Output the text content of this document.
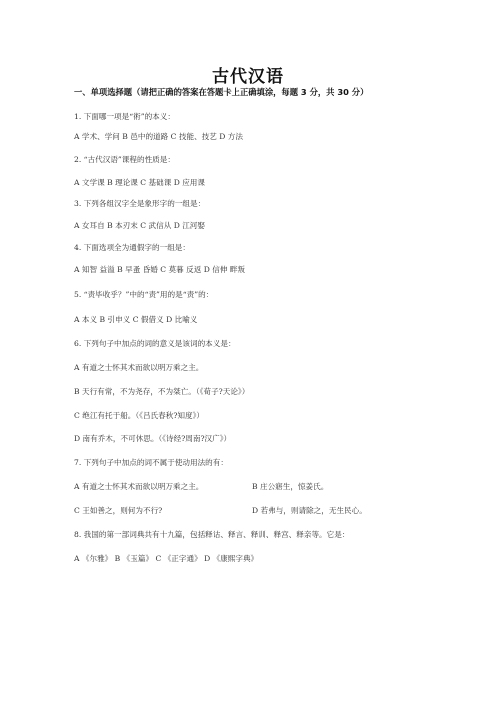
古代汉语
一、单项选择题（请把正确的答案在答题卡上正确填涂，每题 3 分，共 30 分）
1. 下面哪一项是“術”的本义：
A 学术、学问 B 邑中的道路 C 技能、技艺 D 方法
2. “古代汉语”课程的性质是：
A 文学课 B 理论课 C 基础课 D 应用课
3. 下列各组汉字全是象形字的一组是：
A 女耳自 B 本刃末 C 武信从 D 江河娶
4. 下面选项全为通假字的一组是：
A 知智 益溢 B 早蚤 昏婚 C 莫暮 反返 D 信伸 畔叛
5. “责毕收乎？”中的“责”用的是“责”的：
A 本义 B 引申义 C 假借义 D 比喻义
6. 下列句子中加点的词的意义是该词的本义是：
A 有道之士怀其术而欲以明万乘之主。
B 天行有常，不为尧存，不为桀亡。（《荀子?天论》）
C 绝江有托于船。（《吕氏春秋?知度》）
D 南有乔木，不可休思。（《诗经?周南?汉广》）
7. 下列句子中加点的词不属于使动用法的有：
A 有道之士怀其术而欲以明万乘之主。	B 庄公寤生，惊姜氏。
C 王如善之，则何为不行?	D 若弗与，则请除之，无生民心。
8. 我国的第一部词典共有十九篇，包括释诂、释言、释训、释宫、释亲等。它是：
A 《尔雅》 B 《玉篇》 C 《正字通》 D 《康熙字典》
